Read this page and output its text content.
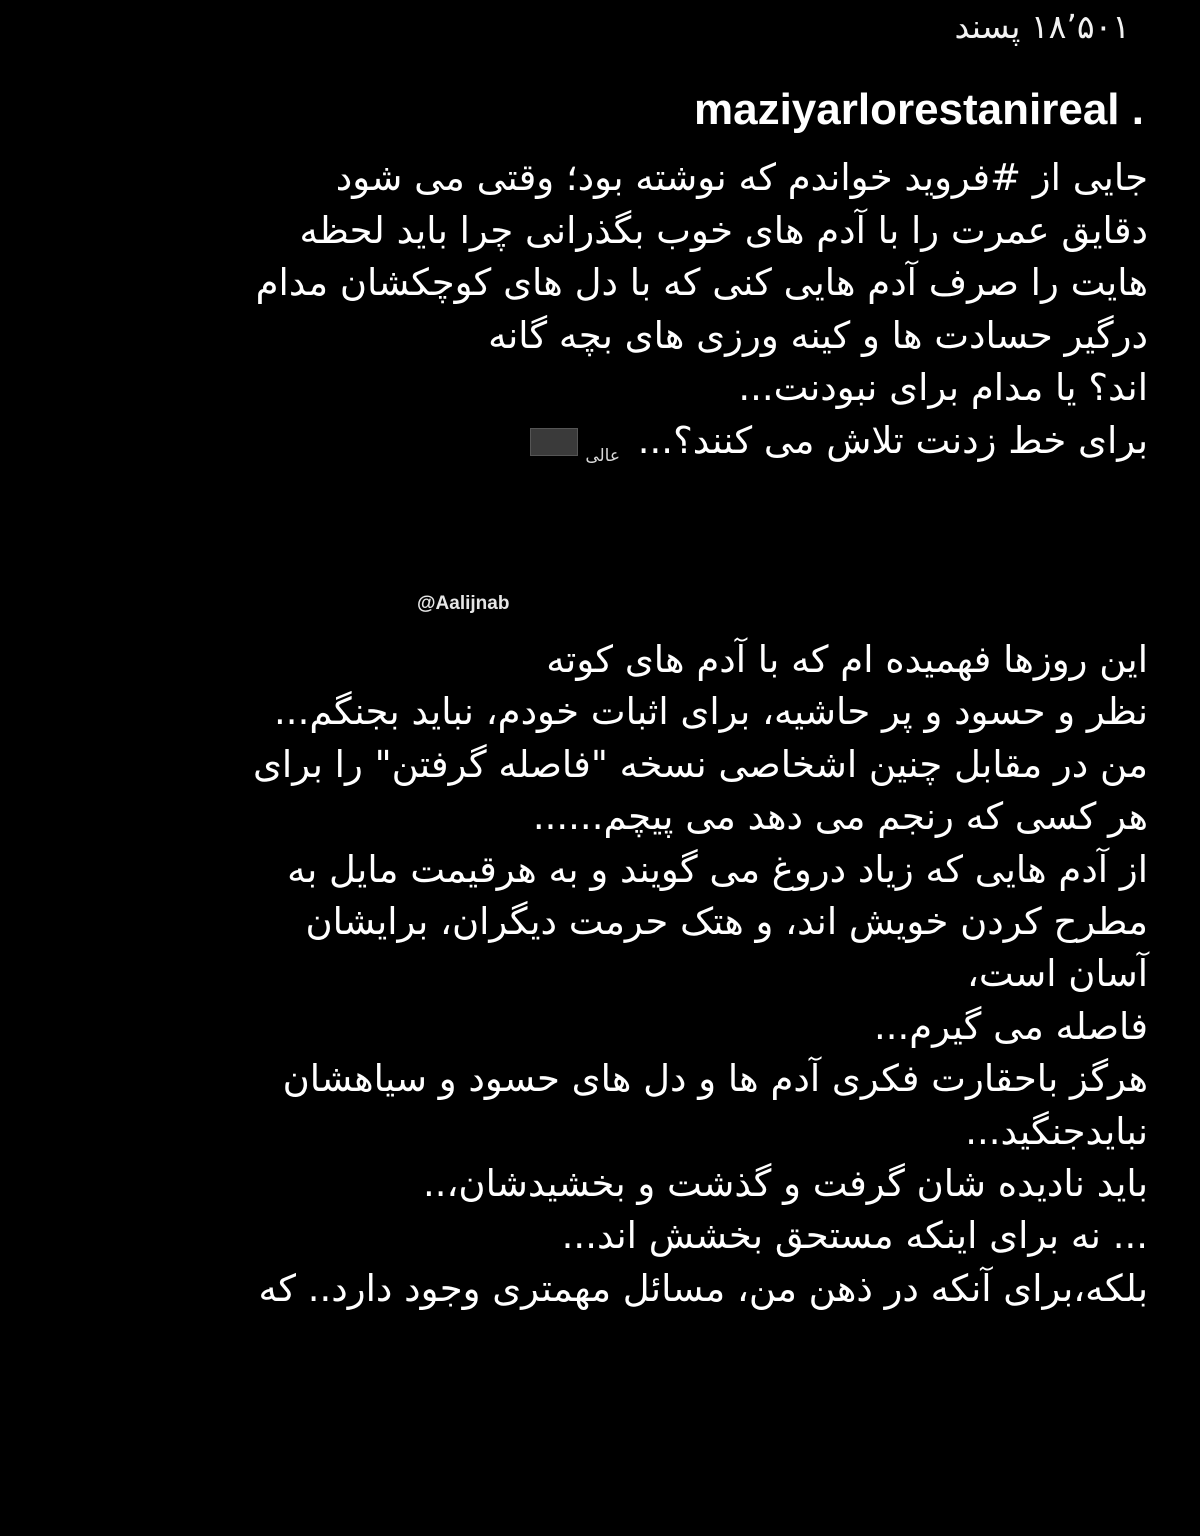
۱۸٬۵۰۱ پسند
maziyarlorestanireal .
جایی از #فروید خواندم که نوشته بود؛ وقتی می شود
دقایق عمرت را با آدم های خوب بگذرانی چرا باید لحظه
هایت را صرف آدم هایی کنی که با دل های کوچکشان مدام
درگیر حسادت ها و کینه ورزی های بچه گانه
اند؟ یا مدام برای نبودنت...
برای خط زدنت تلاش می کنند؟...
عالی
@Aalijnab
این روزها فهمیده ام که با آدم های کوته
نظر و حسود و پر حاشیه، برای اثبات خودم، نباید بجنگم...
من در مقابل چنین اشخاصی نسخه "فاصله گرفتن" را برای
هر کسی که رنجم می دهد می پیچم......
از آدم هایی که زیاد دروغ می گویند و به هرقیمت مایل به
مطرح کردن خویش اند، و هتک حرمت دیگران، برایشان
آسان است،
فاصله می گیرم...
هرگز باحقارت فکری آدم ها و دل های حسود و سیاهشان
نبایدجنگید...
باید نادیده شان گرفت و گذشت و بخشیدشان،..
... نه برای اینکه مستحق بخشش اند...
بلکه،برای آنکه در ذهن من، مسائل مهمتری وجود دارد.. که
